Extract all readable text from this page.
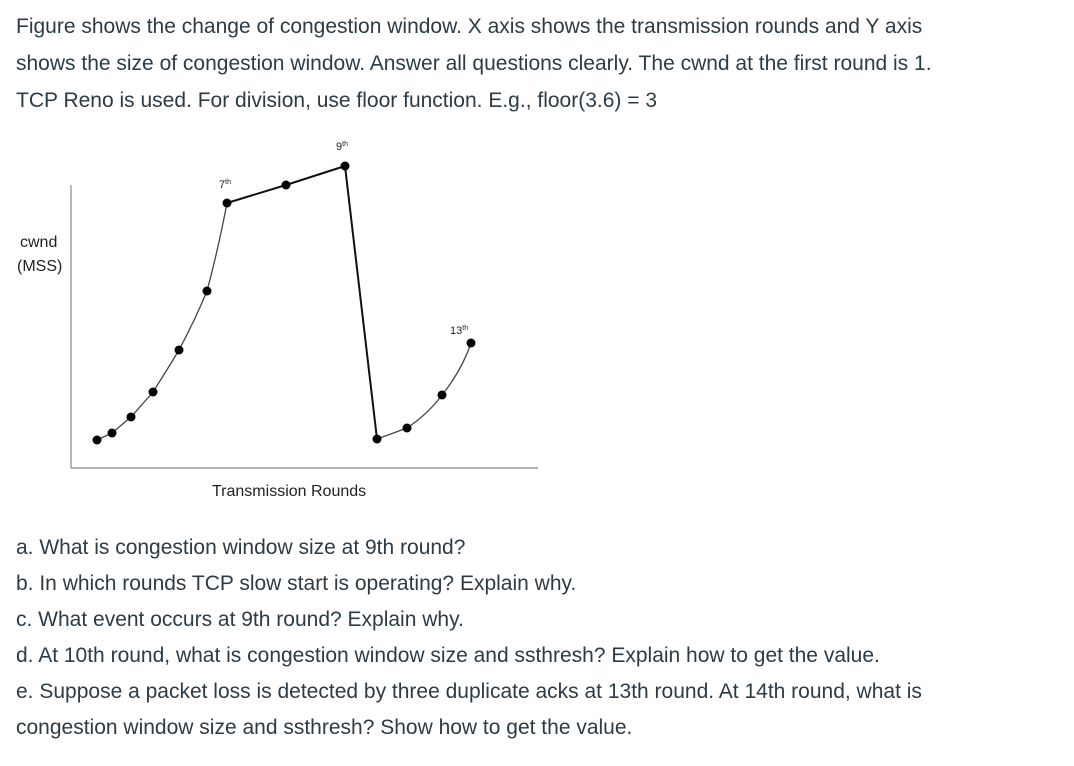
Figure shows the change of congestion window. X axis shows the transmission rounds and Y axis
shows the size of congestion window. Answer all questions clearly. The cwnd at the first round is 1.
TCP Reno is used. For division, use floor function. E.g., floor(3.6) = 3
cwnd
(MSS)
Transmission Rounds
7th
9th
13th
a. What is congestion window size at 9th round?
b. In which rounds TCP slow start is operating? Explain why.
c. What event occurs at 9th round? Explain why.
d. At 10th round, what is congestion window size and ssthresh? Explain how to get the value.
e. Suppose a packet loss is detected by three duplicate acks at 13th round. At 14th round, what is
congestion window size and ssthresh? Show how to get the value.
